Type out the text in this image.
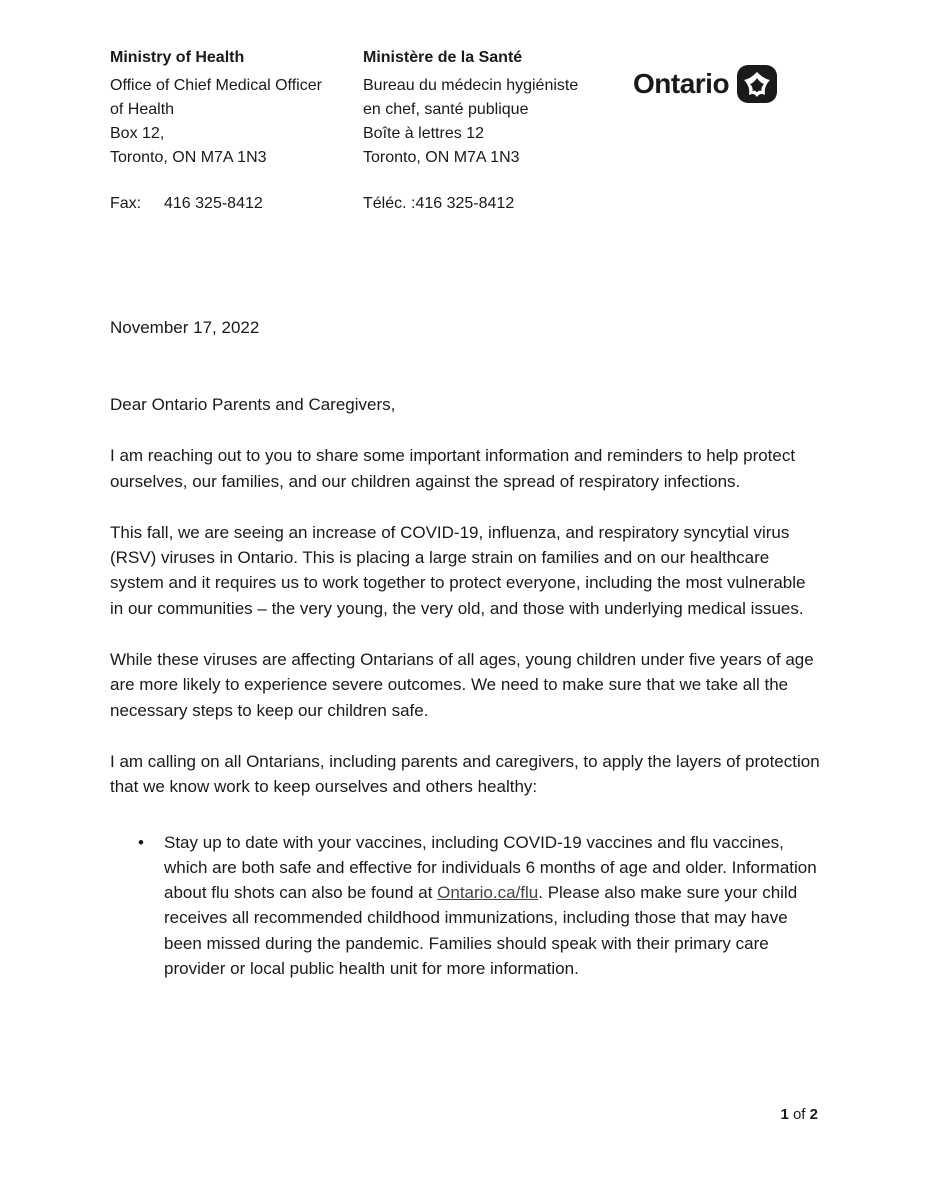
Ministry of Health
Office of Chief Medical Officer
of Health
Box 12,
Toronto, ON M7A 1N3
Fax: 416 325-8412
Ministère de la Santé
Bureau du médecin hygiéniste
en chef, santé publique
Boîte à lettres 12
Toronto, ON M7A 1N3
Téléc. :416 325-8412
Ontario
November 17, 2022

Dear Ontario Parents and Caregivers,

I am reaching out to you to share some important information and reminders to help protect ourselves, our families, and our children against the spread of respiratory infections.

This fall, we are seeing an increase of COVID-19, influenza, and respiratory syncytial virus (RSV) viruses in Ontario. This is placing a large strain on families and on our healthcare system and it requires us to work together to protect everyone, including the most vulnerable in our communities – the very young, the very old, and those with underlying medical issues.

While these viruses are affecting Ontarians of all ages, young children under five years of age are more likely to experience severe outcomes. We need to make sure that we take all the necessary steps to keep our children safe.

I am calling on all Ontarians, including parents and caregivers, to apply the layers of protection that we know work to keep ourselves and others healthy:

• Stay up to date with your vaccines, including COVID-19 vaccines and flu vaccines, which are both safe and effective for individuals 6 months of age and older. Information about flu shots can also be found at Ontario.ca/flu. Please also make sure your child receives all recommended childhood immunizations, including those that may have been missed during the pandemic. Families should speak with their primary care provider or local public health unit for more information.
1 of 2
